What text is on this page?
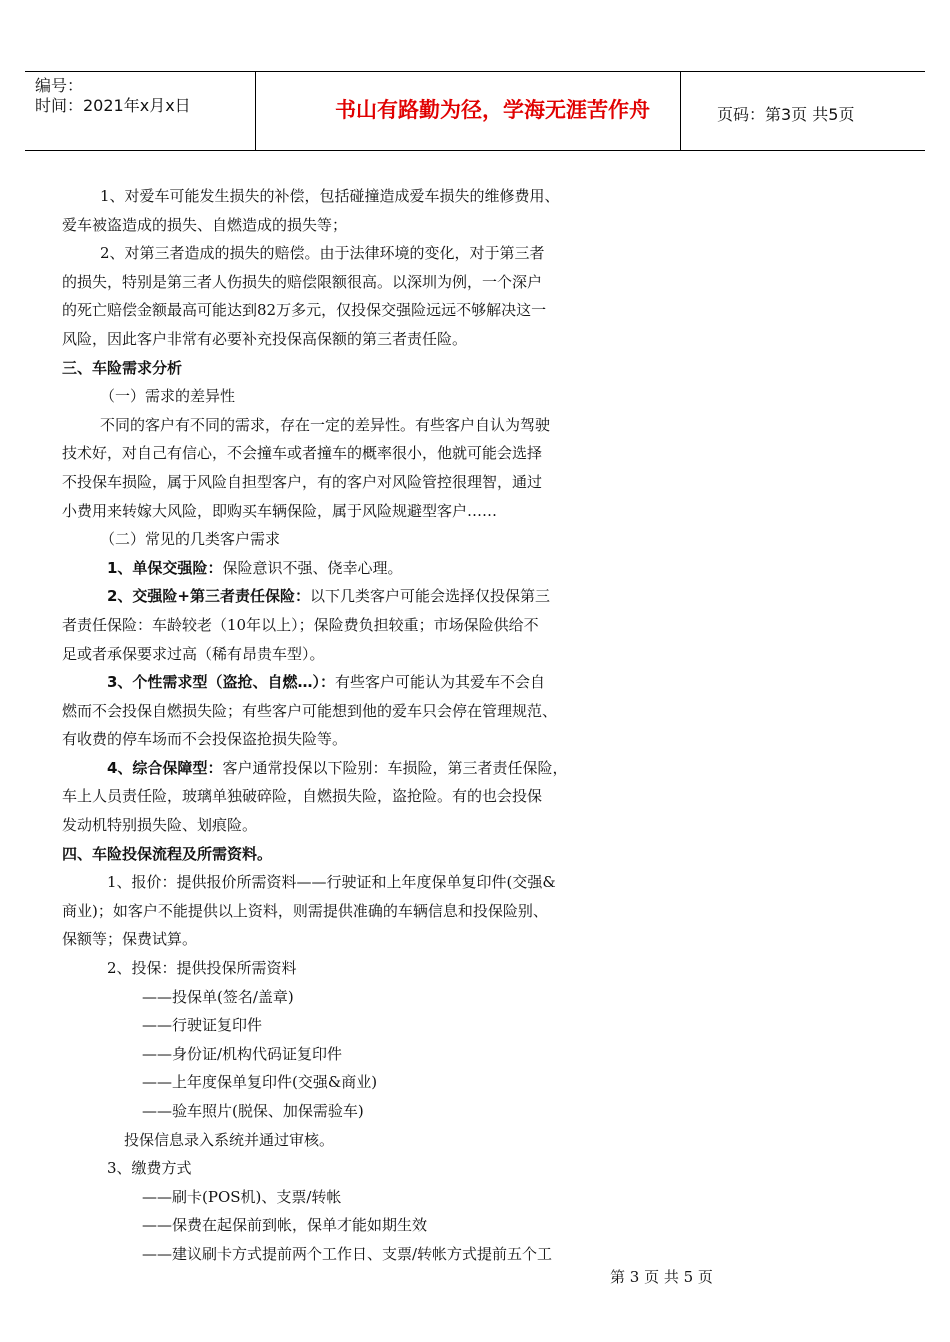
编号：
时间：2021年x月x日	书山有路勤为径，学海无涯苦作舟	页码：第3页 共5页

1、对爱车可能发生损失的补偿，包括碰撞造成爱车损失的维修费用、

爱车被盗造成的损失、自燃造成的损失等；

2、对第三者造成的损失的赔偿。由于法律环境的变化，对于第三者

的损失，特别是第三者人伤损失的赔偿限额很高。以深圳为例，一个深户

的死亡赔偿金额最高可能达到82万多元，仅投保交强险远远不够解决这一

风险，因此客户非常有必要补充投保高保额的第三者责任险。

三、车险需求分析

（一）需求的差异性

不同的客户有不同的需求，存在一定的差异性。有些客户自认为驾驶

技术好，对自己有信心，不会撞车或者撞车的概率很小，他就可能会选择

不投保车损险，属于风险自担型客户，有的客户对风险管控很理智，通过

小费用来转嫁大风险，即购买车辆保险，属于风险规避型客户……

（二）常见的几类客户需求

1、单保交强险：保险意识不强、侥幸心理。

2、交强险+第三者责任保险：以下几类客户可能会选择仅投保第三

者责任保险：车龄较老（10年以上）；保险费负担较重；市场保险供给不

足或者承保要求过高（稀有昂贵车型）。

3、个性需求型（盗抢、自燃…）：有些客户可能认为其爱车不会自

燃而不会投保自燃损失险；有些客户可能想到他的爱车只会停在管理规范、

有收费的停车场而不会投保盗抢损失险等。

4、综合保障型：客户通常投保以下险别：车损险，第三者责任保险，

车上人员责任险，玻璃单独破碎险，自燃损失险，盗抢险。有的也会投保

发动机特别损失险、划痕险。

四、车险投保流程及所需资料。

1、报价：提供报价所需资料——行驶证和上年度保单复印件(交强&

商业)；如客户不能提供以上资料，则需提供准确的车辆信息和投保险别、

保额等；保费试算。

2、投保：提供投保所需资料

——投保单(签名/盖章)

——行驶证复印件

——身份证/机构代码证复印件

——上年度保单复印件(交强&商业)

——验车照片(脱保、加保需验车)

投保信息录入系统并通过审核。

3、缴费方式

——刷卡(POS机)、支票/转帐

——保费在起保前到帐，保单才能如期生效

——建议刷卡方式提前两个工作日、支票/转帐方式提前五个工

第 3 页 共 5 页
